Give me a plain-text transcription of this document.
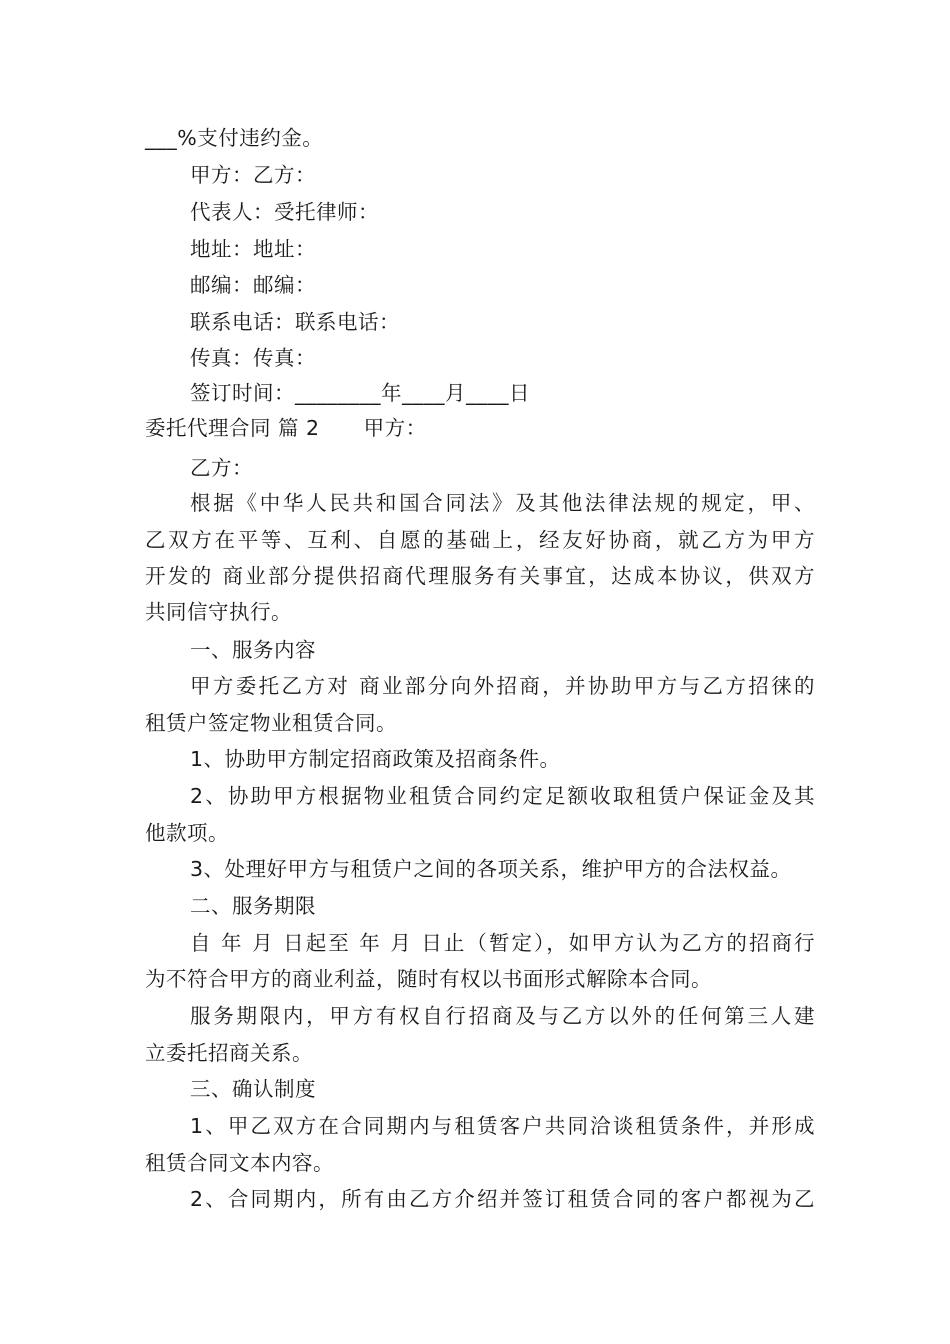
___%支付违约金。
甲方：乙方：
代表人：受托律师：
地址：地址：
邮编：邮编：
联系电话：联系电话：
传真：传真：
签订时间：________年____月____日
委托代理合同 篇 2 甲方：
乙方：
根据《中华人民共和国合同法》及其他法律法规的规定，甲、
乙双方在平等、互利、自愿的基础上，经友好协商，就乙方为甲方
开发的 商业部分提供招商代理服务有关事宜，达成本协议，供双方
共同信守执行。
一、服务内容
甲方委托乙方对 商业部分向外招商，并协助甲方与乙方招徕的
租赁户签定物业租赁合同。
1、协助甲方制定招商政策及招商条件。
2、协助甲方根据物业租赁合同约定足额收取租赁户保证金及其
他款项。
3、处理好甲方与租赁户之间的各项关系，维护甲方的合法权益。
二、服务期限
自 年 月 日起至 年 月 日止（暂定），如甲方认为乙方的招商行
为不符合甲方的商业利益，随时有权以书面形式解除本合同。
服务期限内，甲方有权自行招商及与乙方以外的任何第三人建
立委托招商关系。
三、确认制度
1、甲乙双方在合同期内与租赁客户共同洽谈租赁条件，并形成
租赁合同文本内容。
2、合同期内，所有由乙方介绍并签订租赁合同的客户都视为乙
